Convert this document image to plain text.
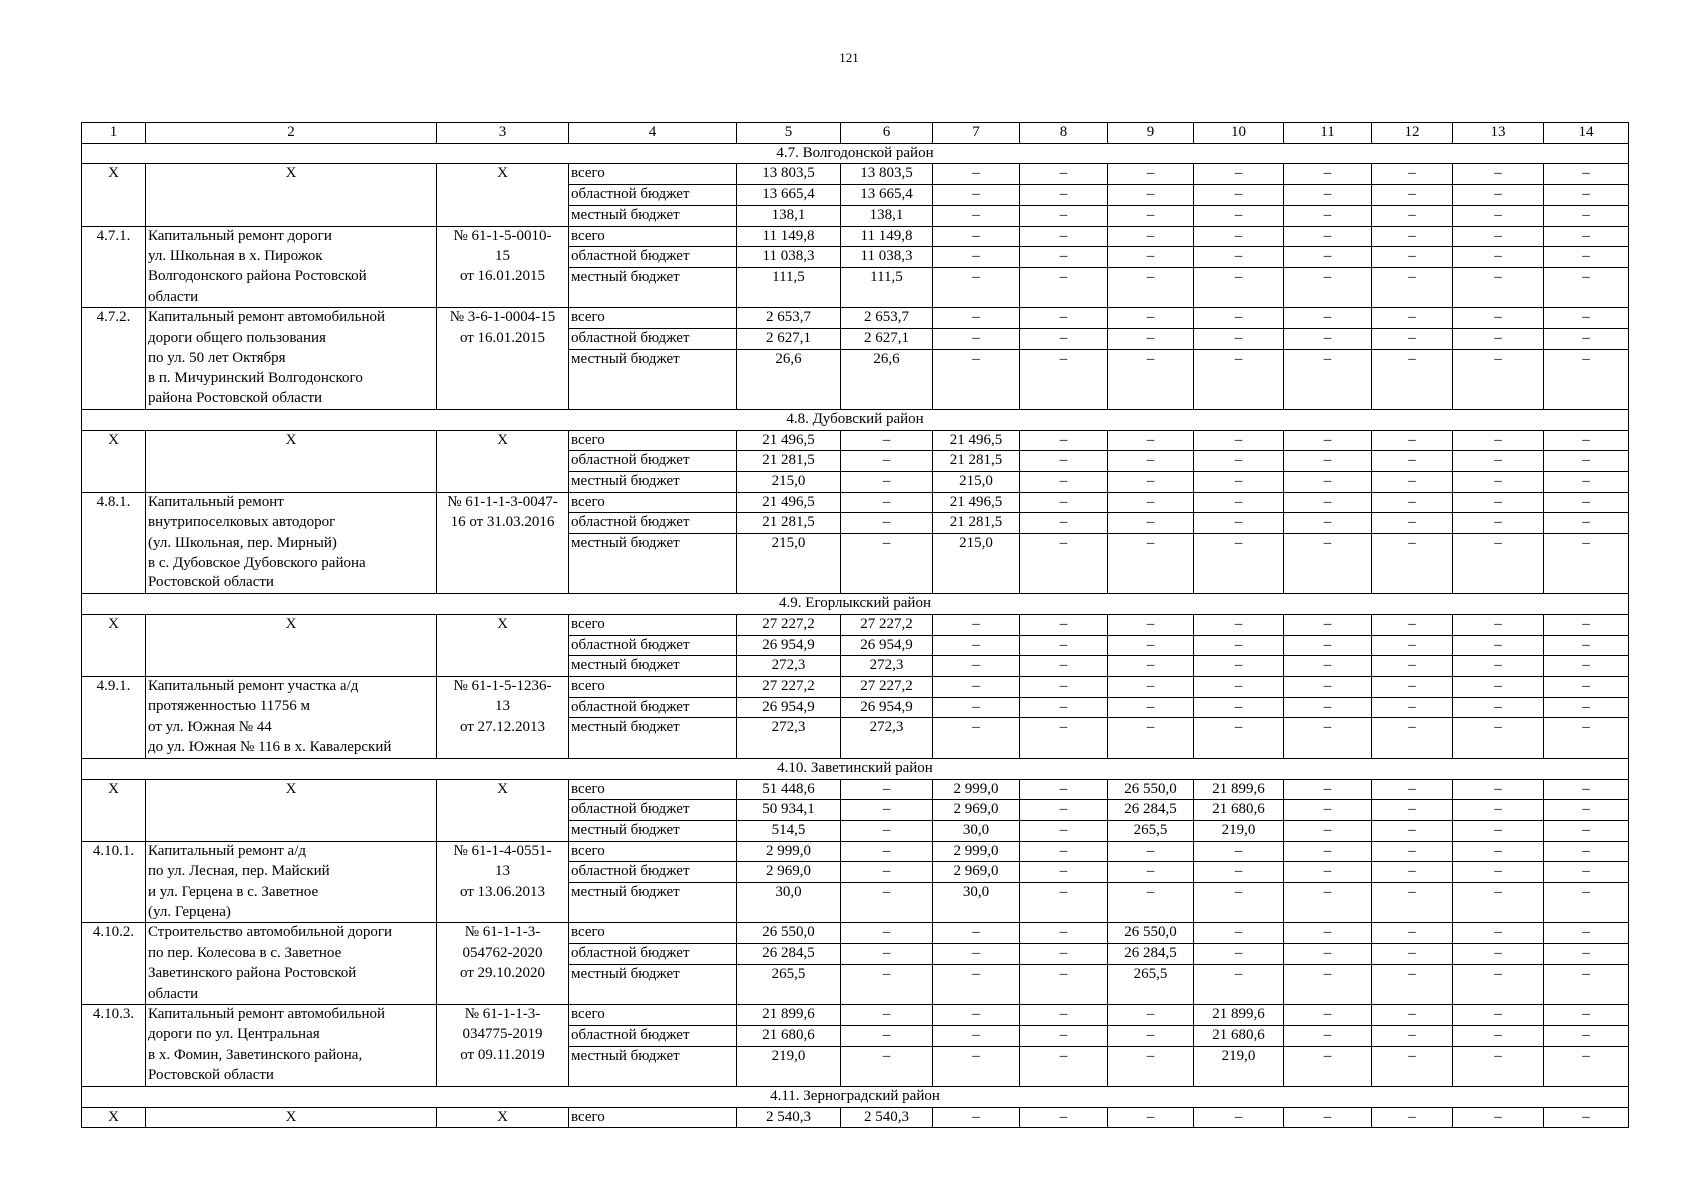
121
1	2	3	4	5	6	7	8	9	10	11	12	13	14
4.7. Волгодонской район													
X	X	X	всего	13 803,5	13 803,5	–	–	–	–	–	–	–	–
			областной бюджет	13 665,4	13 665,4	–	–	–	–	–	–	–	–
			местный бюджет	138,1	138,1	–	–	–	–	–	–	–	–
4.7.1.	Капитальный ремонт дороги	№ 61-1-5-0010-	всего	11 149,8	11 149,8	–	–	–	–	–	–	–	–
	ул. Школьная в х. Пирожок	15	областной бюджет	11 038,3	11 038,3	–	–	–	–	–	–	–	–
	Волгодонского района Ростовской	от 16.01.2015	местный бюджет	111,5	111,5	–	–	–	–	–	–	–	–
	области												
4.7.2.	Капитальный ремонт автомобильной	№ 3-6-1-0004-15	всего	2 653,7	2 653,7	–	–	–	–	–	–	–	–
	дороги общего пользования	от 16.01.2015	областной бюджет	2 627,1	2 627,1	–	–	–	–	–	–	–	–
	по ул. 50 лет Октября		местный бюджет	26,6	26,6	–	–	–	–	–	–	–	–
	в п. Мичуринский Волгодонского												
	района Ростовской области												
4.8. Дубовский район													
X	X	X	всего	21 496,5	–	21 496,5	–	–	–	–	–	–	–
			областной бюджет	21 281,5	–	21 281,5	–	–	–	–	–	–	–
			местный бюджет	215,0	–	215,0	–	–	–	–	–	–	–
4.8.1.	Капитальный ремонт	№ 61-1-1-3-0047-	всего	21 496,5	–	21 496,5	–	–	–	–	–	–	–
	внутрипоселковых автодорог	16 от 31.03.2016	областной бюджет	21 281,5	–	21 281,5	–	–	–	–	–	–	–
	(ул. Школьная, пер. Мирный)		местный бюджет	215,0	–	215,0	–	–	–	–	–	–	–
	в с. Дубовское Дубовского района												
	Ростовской области												
4.9. Егорлыкский район													
X	X	X	всего	27 227,2	27 227,2	–	–	–	–	–	–	–	–
			областной бюджет	26 954,9	26 954,9	–	–	–	–	–	–	–	–
			местный бюджет	272,3	272,3	–	–	–	–	–	–	–	–
4.9.1.	Капитальный ремонт участка а/д	№ 61-1-5-1236-	всего	27 227,2	27 227,2	–	–	–	–	–	–	–	–
	протяженностью 11756 м	13	областной бюджет	26 954,9	26 954,9	–	–	–	–	–	–	–	–
	от ул. Южная № 44	от 27.12.2013	местный бюджет	272,3	272,3	–	–	–	–	–	–	–	–
	до ул. Южная № 116 в х. Кавалерский												
4.10. Заветинский район													
X	X	X	всего	51 448,6	–	2 999,0	–	26 550,0	21 899,6	–	–	–	–
			областной бюджет	50 934,1	–	2 969,0	–	26 284,5	21 680,6	–	–	–	–
			местный бюджет	514,5	–	30,0	–	265,5	219,0	–	–	–	–
4.10.1.	Капитальный ремонт а/д	№ 61-1-4-0551-	всего	2 999,0	–	2 999,0	–	–	–	–	–	–	–
	по ул. Лесная, пер. Майский	13	областной бюджет	2 969,0	–	2 969,0	–	–	–	–	–	–	–
	и ул. Герцена в с. Заветное	от 13.06.2013	местный бюджет	30,0	–	30,0	–	–	–	–	–	–	–
	(ул. Герцена)												
4.10.2.	Строительство автомобильной дороги	№ 61-1-1-3-	всего	26 550,0	–	–	–	26 550,0	–	–	–	–	–
	по пер. Колесова в с. Заветное	054762-2020	областной бюджет	26 284,5	–	–	–	26 284,5	–	–	–	–	–
	Заветинского района Ростовской	от 29.10.2020	местный бюджет	265,5	–	–	–	265,5	–	–	–	–	–
	области												
4.10.3.	Капитальный ремонт автомобильной	№ 61-1-1-3-	всего	21 899,6	–	–	–	–	21 899,6	–	–	–	–
	дороги по ул. Центральная	034775-2019	областной бюджет	21 680,6	–	–	–	–	21 680,6	–	–	–	–
	в х. Фомин, Заветинского района,	от 09.11.2019	местный бюджет	219,0	–	–	–	–	219,0	–	–	–	–
	Ростовской области												
4.11. Зерноградский район													
X	X	X	всего	2 540,3	2 540,3	–	–	–	–	–	–	–	–
